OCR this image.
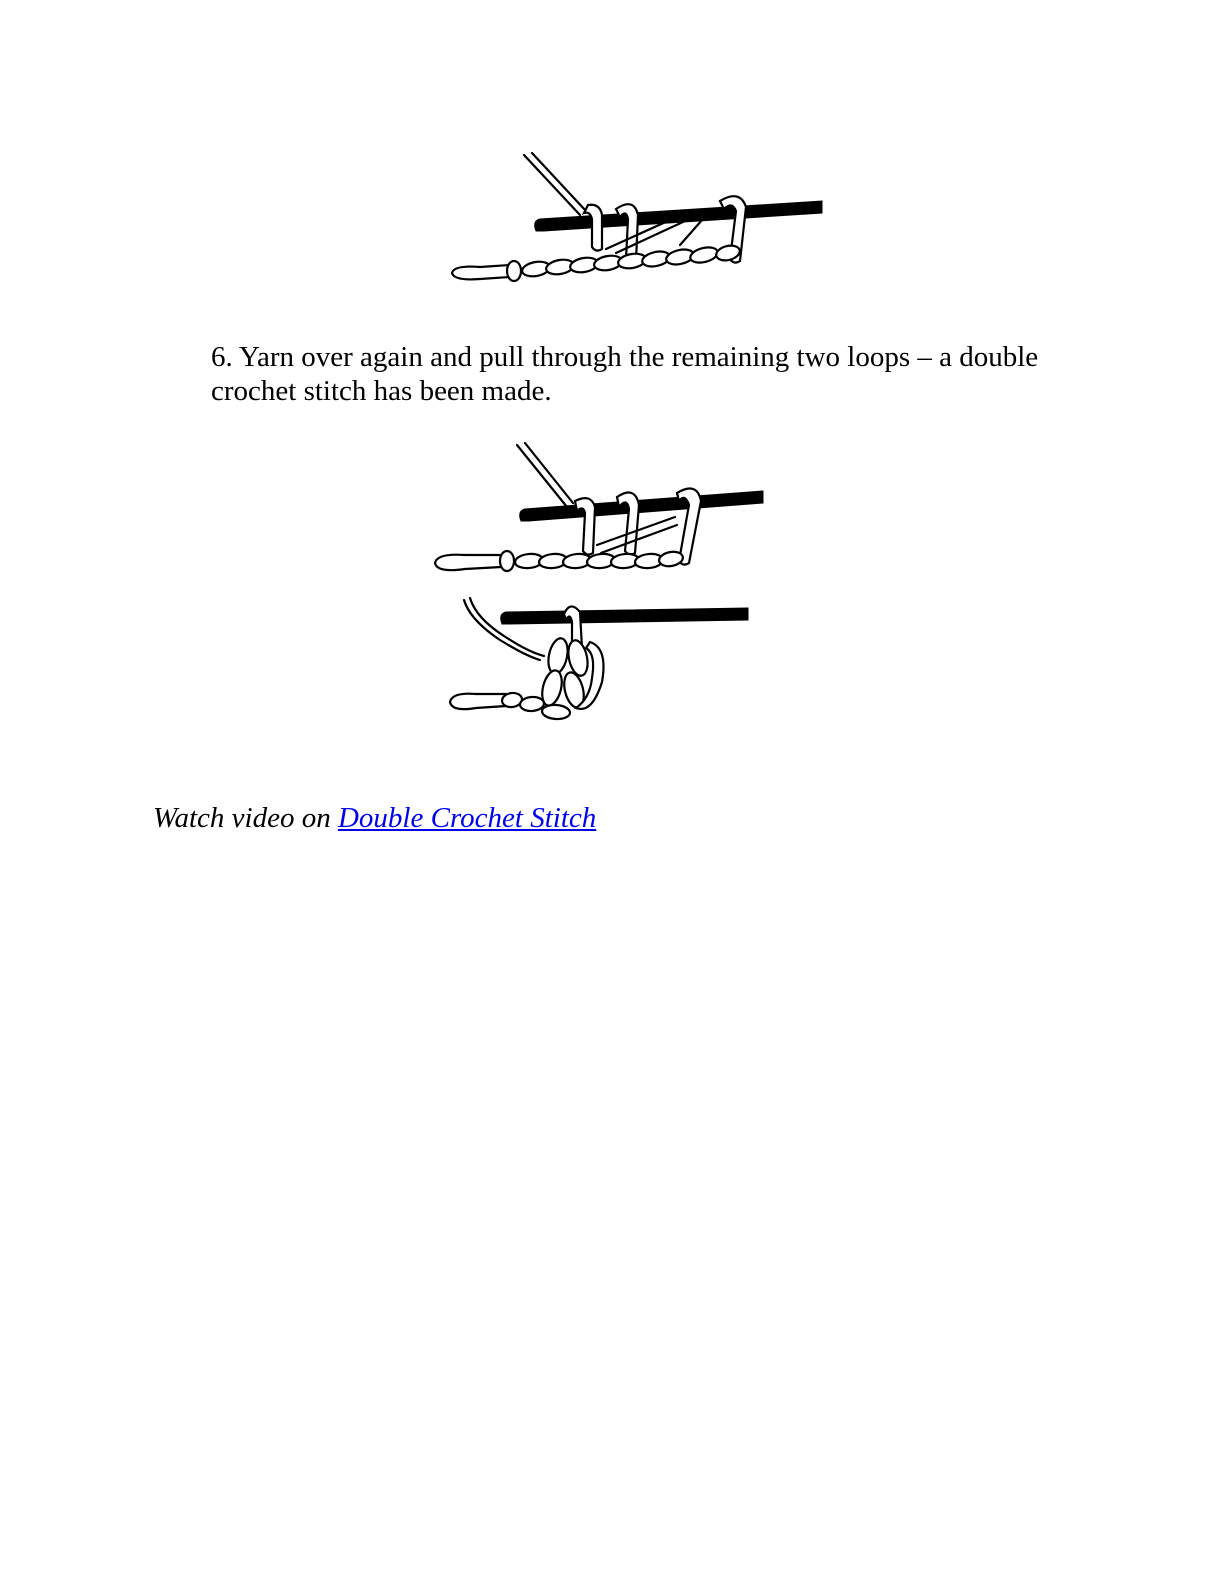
6. Yarn over again and pull through the remaining two loops – a double crochet stitch has been made.

Watch video on Double Crochet Stitch
